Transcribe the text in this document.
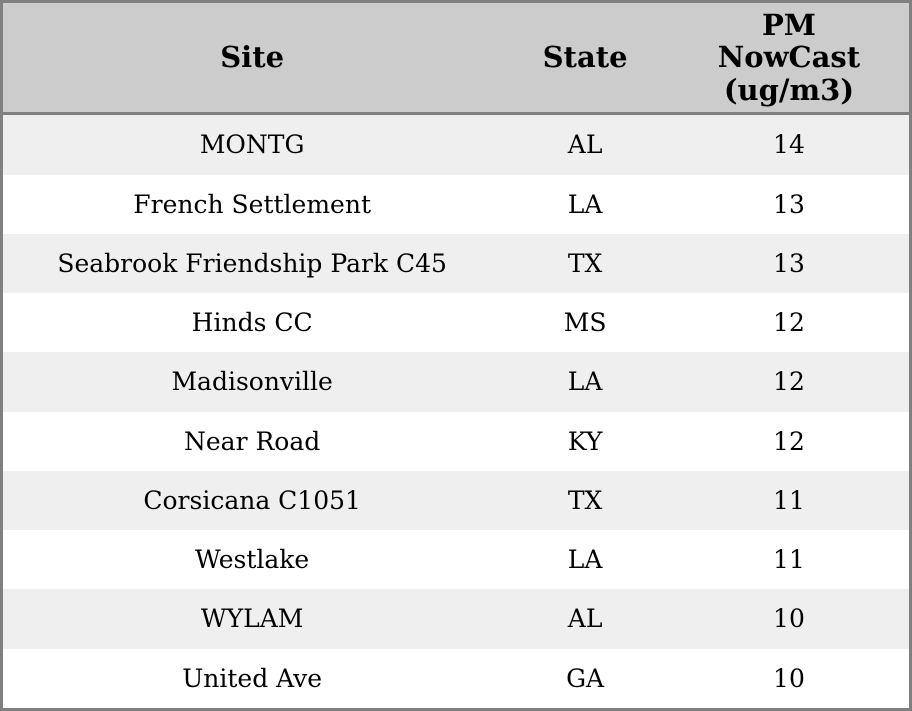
Site	State	PM
NowCast
(ug/m3)

MONTG	AL	14
French Settlement	LA	13
Seabrook Friendship Park C45	TX	13
Hinds CC	MS	12
Madisonville	LA	12
Near Road	KY	12
Corsicana C1051	TX	11
Westlake	LA	11
WYLAM	AL	10
United Ave	GA	10
